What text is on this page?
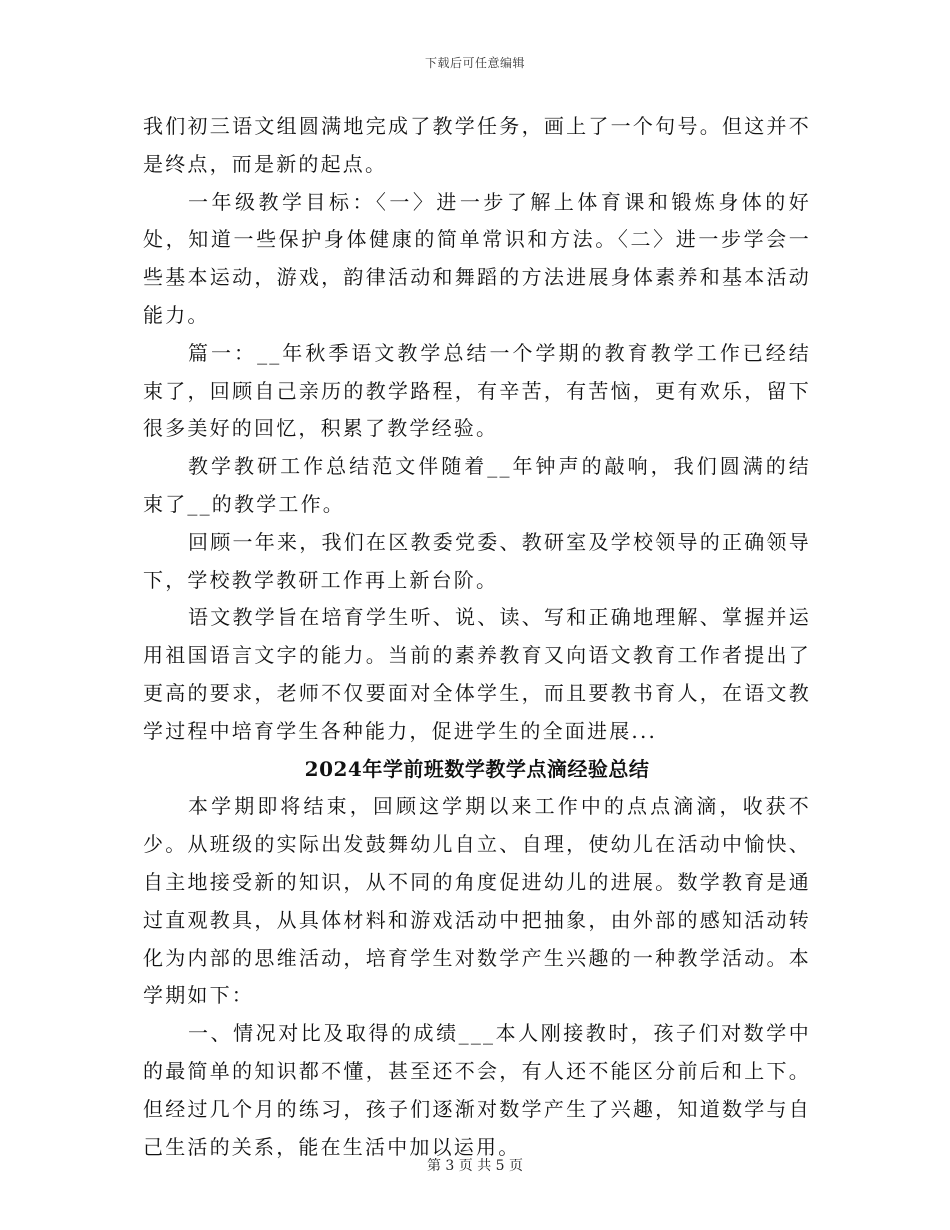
下载后可任意编辑

我们初三语文组圆满地完成了教学任务，画上了一个句号。但这并不是终点，而是新的起点。

一年级教学目标：〈一〉进一步了解上体育课和锻炼身体的好处，知道一些保护身体健康的简单常识和方法。〈二〉进一步学会一些基本运动，游戏，韵律活动和舞蹈的方法进展身体素养和基本活动能力。

篇一：__年秋季语文教学总结一个学期的教育教学工作已经结束了，回顾自己亲历的教学路程，有辛苦，有苦恼，更有欢乐，留下很多美好的回忆，积累了教学经验。

教学教研工作总结范文伴随着__年钟声的敲响，我们圆满的结束了__的教学工作。

回顾一年来，我们在区教委党委、教研室及学校领导的正确领导下，学校教学教研工作再上新台阶。

语文教学旨在培育学生听、说、读、写和正确地理解、掌握并运用祖国语言文字的能力。当前的素养教育又向语文教育工作者提出了更高的要求，老师不仅要面对全体学生，而且要教书育人，在语文教学过程中培育学生各种能力，促进学生的全面进展...

2024年学前班数学教学点滴经验总结

本学期即将结束，回顾这学期以来工作中的点点滴滴，收获不少。从班级的实际出发鼓舞幼儿自立、自理，使幼儿在活动中愉快、自主地接受新的知识，从不同的角度促进幼儿的进展。数学教育是通过直观教具，从具体材料和游戏活动中把抽象，由外部的感知活动转化为内部的思维活动，培育学生对数学产生兴趣的一种教学活动。本学期如下：

一、情况对比及取得的成绩___本人刚接教时，孩子们对数学中的最简单的知识都不懂，甚至还不会，有人还不能区分前后和上下。但经过几个月的练习，孩子们逐渐对数学产生了兴趣，知道数学与自己生活的关系，能在生活中加以运用。

第 3 页 共 5 页
